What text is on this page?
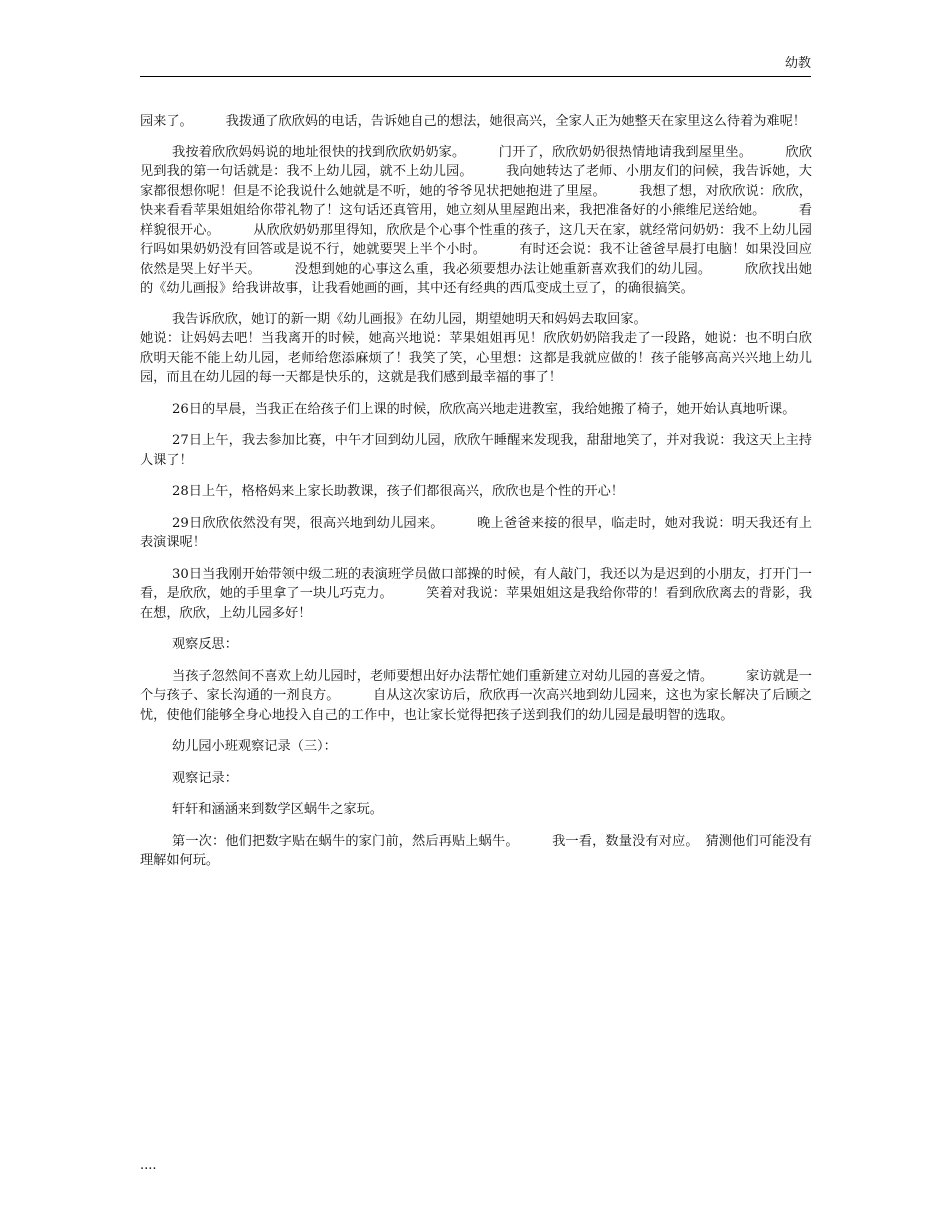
幼教

园来了。　　　我拨通了欣欣妈的电话，告诉她自己的想法，她很高兴，全家人正为她整天在家里这么待着为难呢！

我按着欣欣妈妈说的地址很快的找到欣欣奶奶家。　　　门开了，欣欣奶奶很热情地请我到屋里坐。　　　欣欣见到我的第一句话就是：我不上幼儿园，就不上幼儿园。　　　我向她转达了老师、小朋友们的问候，我告诉她，大家都很想你呢！但是不论我说什么她就是不听，她的爷爷见状把她抱进了里屋。　　　我想了想，对欣欣说：欣欣，快来看看苹果姐姐给你带礼物了！这句话还真管用，她立刻从里屋跑出来，我把准备好的小熊维尼送给她。　　　看样貌很开心。　　　从欣欣奶奶那里得知，欣欣是个心事个性重的孩子，这几天在家，就经常问奶奶：我不上幼儿园行吗如果奶奶没有回答或是说不行，她就要哭上半个小时。　　　有时还会说：我不让爸爸早晨打电脑！如果没回应依然是哭上好半天。　　　没想到她的心事这么重，我必须要想办法让她重新喜欢我们的幼儿园。　　　欣欣找出她的《幼儿画报》给我讲故事，让我看她画的画，其中还有经典的西瓜变成土豆了，的确很搞笑。

我告诉欣欣，她订的新一期《幼儿画报》在幼儿园，期望她明天和妈妈去取回家。

她说：让妈妈去吧！当我离开的时候，她高兴地说：苹果姐姐再见！欣欣奶奶陪我走了一段路，她说：也不明白欣欣明天能不能上幼儿园，老师给您添麻烦了！我笑了笑，心里想：这都是我就应做的！孩子能够高高兴兴地上幼儿园，而且在幼儿园的每一天都是快乐的，这就是我们感到最幸福的事了！

26日的早晨，当我正在给孩子们上课的时候，欣欣高兴地走进教室，我给她搬了椅子，她开始认真地听课。

27日上午，我去参加比赛，中午才回到幼儿园，欣欣午睡醒来发现我，甜甜地笑了，并对我说：我这天上主持人课了！

28日上午，格格妈来上家长助教课，孩子们都很高兴，欣欣也是个性的开心！

29日欣欣依然没有哭，很高兴地到幼儿园来。　　　晚上爸爸来接的很早，临走时，她对我说：明天我还有上表演课呢！

30日当我刚开始带领中级二班的表演班学员做口部操的时候，有人敲门，我还以为是迟到的小朋友，打开门一看，是欣欣，她的手里拿了一块儿巧克力。　　　笑着对我说：苹果姐姐这是我给你带的！看到欣欣离去的背影，我在想，欣欣，上幼儿园多好！

观察反思：

当孩子忽然间不喜欢上幼儿园时，老师要想出好办法帮忙她们重新建立对幼儿园的喜爱之情。　　　家访就是一个与孩子、家长沟通的一剂良方。　　　自从这次家访后，欣欣再一次高兴地到幼儿园来，这也为家长解决了后顾之忧，使他们能够全身心地投入自己的工作中，也让家长觉得把孩子送到我们的幼儿园是最明智的选取。

幼儿园小班观察记录（三）：

观察记录：

轩轩和涵涵来到数学区蜗牛之家玩。

第一次：他们把数字贴在蜗牛的家门前，然后再贴上蜗牛。　　　我一看，数量没有对应。　猜测他们可能没有理解如何玩。

....
